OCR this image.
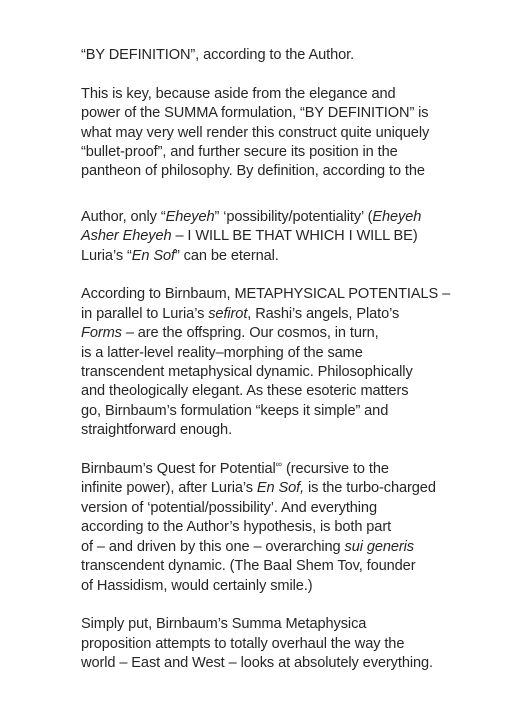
“BY DEFINITION”, according to the Author.
This is key, because aside from the elegance and
power of the SUMMA formulation, “BY DEFINITION” is
what may very well render this construct quite uniquely
“bullet-proof”, and further secure its position in the
pantheon of philosophy. By definition, according to the
Author, only “Eheyeh” ‘possibility/potentiality’ (Eheyeh
Asher Eheyeh – I WILL BE THAT WHICH I WILL BE)
Luria’s “En Sof” can be eternal.
According to Birnbaum, METAPHYSICAL POTENTIALS –
in parallel to Luria’s sefirot, Rashi’s angels, Plato’s
Forms – are the offspring. Our cosmos, in turn,
is a latter-level reality–morphing of the same
transcendent metaphysical dynamic. Philosophically
and theologically elegant. As these esoteric matters
go, Birnbaum’s formulation “keeps it simple” and
straightforward enough.
Birnbaum’s Quest for Potential∞ (recursive to the
infinite power), after Luria’s En Sof, is the turbo-charged
version of ‘potential/possibility’. And everything
according to the Author’s hypothesis, is both part
of – and driven by this one – overarching sui generis
transcendent dynamic. (The Baal Shem Tov, founder
of Hassidism, would certainly smile.)
Simply put, Birnbaum’s Summa Metaphysica
proposition attempts to totally overhaul the way the
world – East and West – looks at absolutely everything.
